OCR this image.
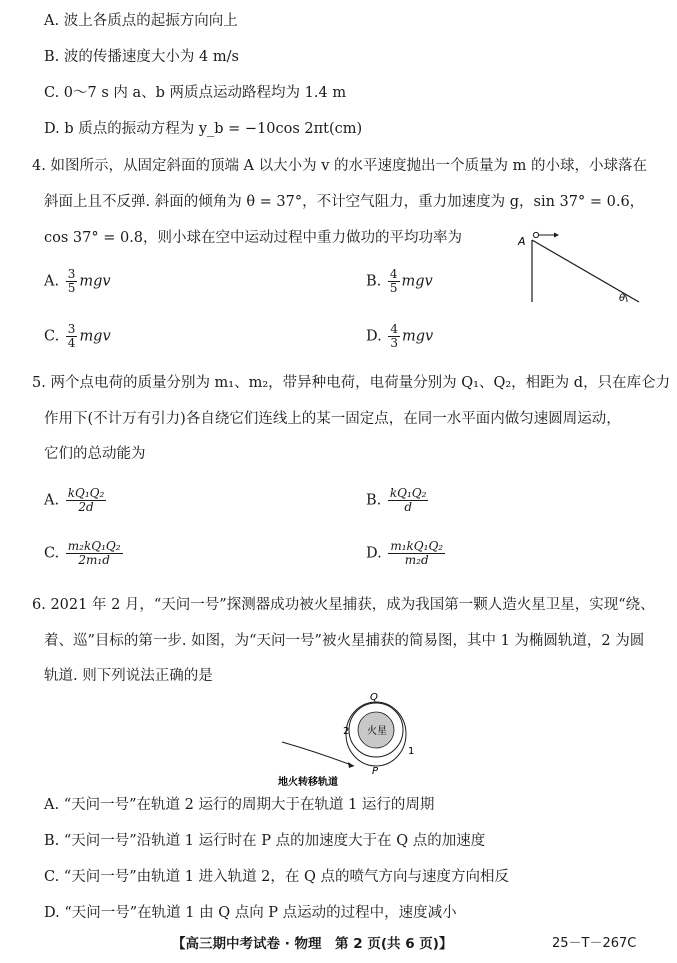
A. 波上各质点的起振方向向上
B. 波的传播速度大小为 4 m/s
C. 0～7 s 内 a、b 两质点运动路程均为 1.4 m
D. b 质点的振动方程为 y_b = −10cos 2πt(cm)
4. 如图所示，从固定斜面的顶端 A 以大小为 v 的水平速度抛出一个质量为 m 的小球，小球落在
斜面上且不反弹. 斜面的倾角为 θ = 37°，不计空气阻力，重力加速度为 g，sin 37° = 0.6，
cos 37° = 0.8，则小球在空中运动过程中重力做功的平均功率为
A. $\frac{3}{5}$ mgv	B. $\frac{4}{5}$ mgv
C. $\frac{3}{4}$ mgv	D. $\frac{4}{3}$ mgv
A
θ
5. 两个点电荷的质量分别为 m₁、m₂，带异种电荷，电荷量分别为 Q₁、Q₂，相距为 d，只在库仑力
作用下(不计万有引力)各自绕它们连线上的某一固定点，在同一水平面内做匀速圆周运动，
它们的总动能为
A. $\frac{\text{kQ₁Q₂}}{2d}$	B. $\frac{\text{kQ₁Q₂}}{d}$
C. $\frac{\text{m₂kQ₁Q₂}}{\text{2m₁d}}$	D. $\frac{\text{m₁kQ₁Q₂}}{\text{m₂d}}$
6. 2021 年 2 月，“天问一号”探测器成功被火星捕获，成为我国第一颗人造火星卫星，实现“绕、
着、巡”目标的第一步. 如图，为“天问一号”被火星捕获的简易图，其中 1 为椭圆轨道，2 为圆
轨道. 则下列说法正确的是
火星
Q
P
2
1
地火转移轨道
A. “天问一号”在轨道 2 运行的周期大于在轨道 1 运行的周期
B. “天问一号”沿轨道 1 运行时在 P 点的加速度大于在 Q 点的加速度
C. “天问一号”由轨道 1 进入轨道 2，在 Q 点的喷气方向与速度方向相反
D. “天问一号”在轨道 1 由 Q 点向 P 点运动的过程中，速度减小
【高三期中考试卷 · 物理　第 2 页(共 6 页)】	25－T－267C
